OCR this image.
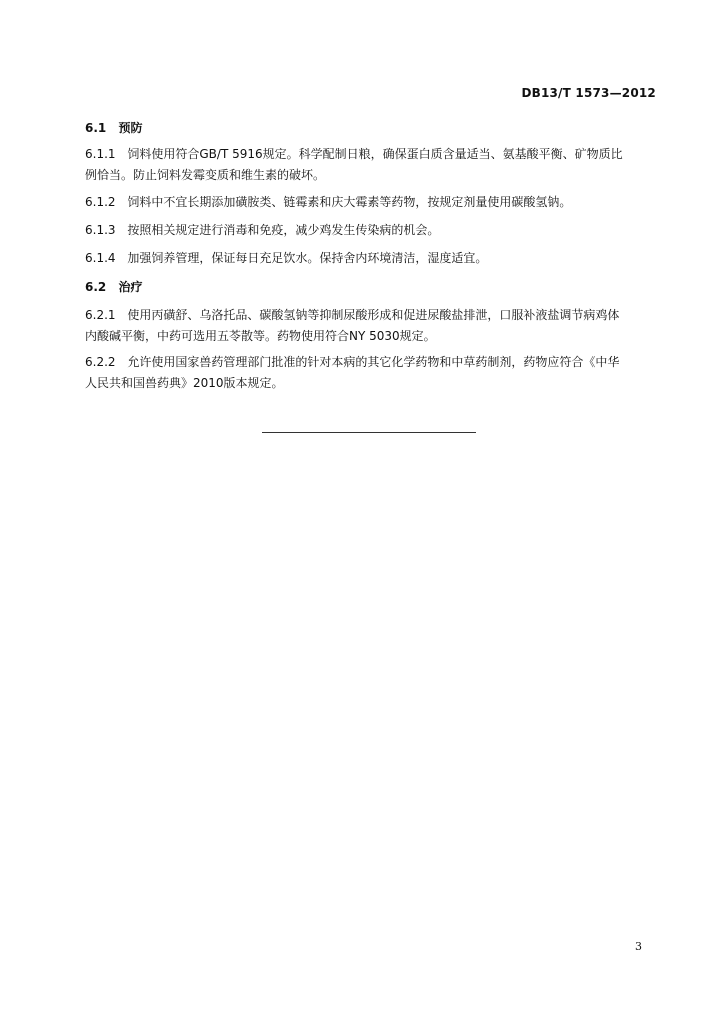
DB13/T 1573—2012
6.1 预防

6.1.1 饲料使用符合GB/T 5916规定。科学配制日粮，确保蛋白质含量适当、氨基酸平衡、矿物质比

例恰当。防止饲料发霉变质和维生素的破坏。

6.1.2 饲料中不宜长期添加磺胺类、链霉素和庆大霉素等药物，按规定剂量使用碳酸氢钠。
6.1.3 按照相关规定进行消毒和免疫，减少鸡发生传染病的机会。
6.1.4 加强饲养管理，保证每日充足饮水。保持舍内环境清洁，湿度适宜。
6.2 治疗

6.2.1 使用丙磺舒、乌洛托品、碳酸氢钠等抑制尿酸形成和促进尿酸盐排泄，口服补液盐调节病鸡体

内酸碱平衡，中药可选用五苓散等。药物使用符合NY 5030规定。

6.2.2 允许使用国家兽药管理部门批准的针对本病的其它化学药物和中草药制剂，药物应符合《中华

人民共和国兽药典》2010版本规定。

3
